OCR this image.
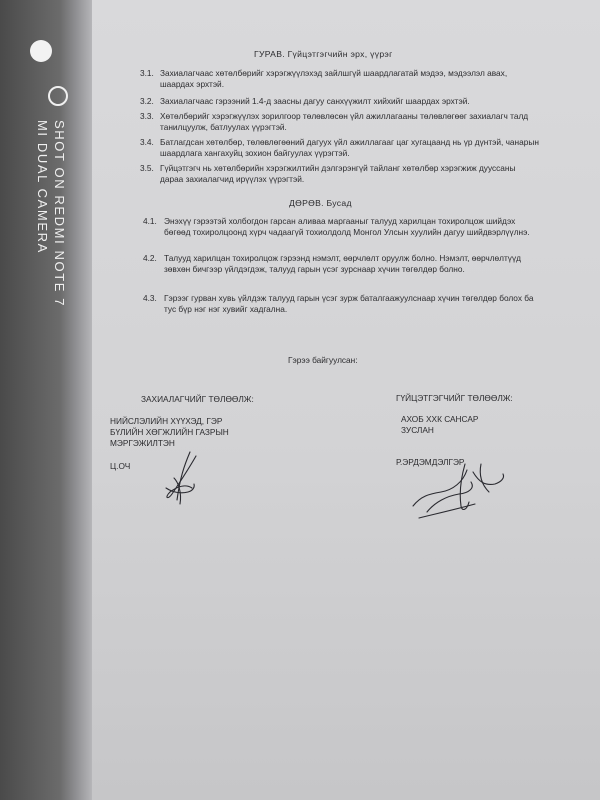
SHOT ON REDMI NOTE 7
MI DUAL CAMERA
ГУРАВ. Гүйцэтгэгчийн эрх, үүрэг
3.1. Захиалагчаас хөтөлбөрийг хэрэгжүүлэхэд зайлшгүй шаардлагатай мэдээ, мэдээлэл авах, шаардах эрхтэй.
3.2. Захиалагчаас гэрээний 1.4-д заасны дагуу санхүүжилт хийхийг шаардах эрхтэй.
3.3. Хөтөлбөрийг хэрэгжүүлэх зорилгоор төлөвлөсөн үйл ажиллагааны төлөвлөгөөг захиалагч талд танилцуулж, батлуулах үүрэгтэй.
3.4. Батлагдсан хөтөлбөр, төлөвлөгөөний дагуух үйл ажиллагааг цаг хугацаанд нь үр дүнтэй, чанарын шаардлага хангахуйц зохион байгуулах үүрэгтэй.
3.5. Гүйцэтгэгч нь хөтөлбөрийн хэрэгжилтийн дэлгэрэнгүй тайланг хөтөлбөр хэрэгжиж дууссаны дараа захиалагчид ирүүлэх үүрэгтэй.
ДӨРӨВ. Бусад
4.1. Энэхүү гэрээтэй холбогдон гарсан аливаа маргааныг талууд харилцан тохиролцож шийдэх бөгөөд тохиролцоонд хүрч чадаагүй тохиолдолд Монгол Улсын хуулийн дагуу шийдвэрлүүлнэ.
4.2. Талууд харилцан тохиролцож гэрээнд нэмэлт, өөрчлөлт оруулж болно. Нэмэлт, өөрчлөлтүүд зөвхөн бичгээр үйлдэгдэж, талууд гарын үсэг зурснаар хүчин төгөлдөр болно.
4.3. Гэрээг гурван хувь үйлдэж талууд гарын үсэг зурж баталгаажуулснаар хүчин төгөлдөр болох ба тус бүр нэг нэг хувийг хадгална.
Гэрээ байгуулсан:
ЗАХИАЛАГЧИЙГ ТӨЛӨӨЛЖ:
НИЙСЛЭЛИЙН ХҮҮХЭД, ГЭР
БҮЛИЙН ХӨГЖЛИЙН ГАЗРЫН
МЭРГЭЖИЛТЭН
Ц.ОЧ
ГҮЙЦЭТГЭГЧИЙГ ТӨЛӨӨЛЖ:
АХОБ ХХК САНСАР
ЗУСЛАН
Р.ЭРДЭМДЭЛГЭР
